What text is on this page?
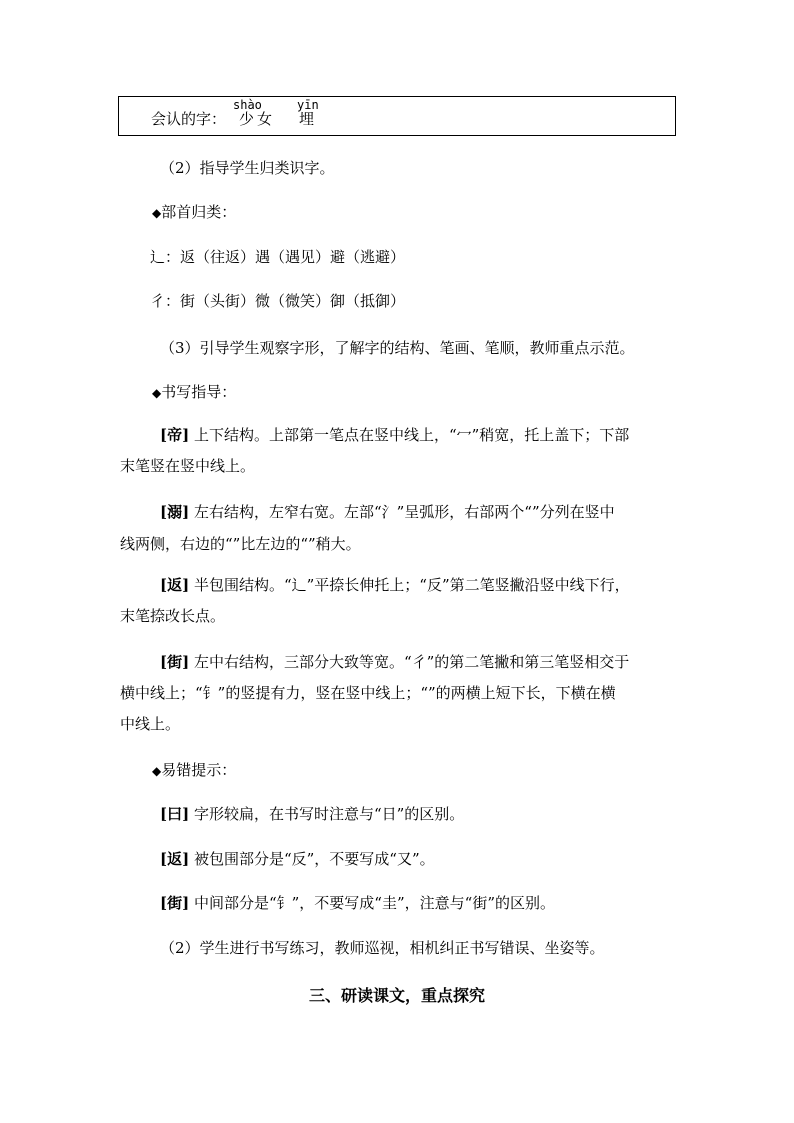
会认的字：
shào
少 女
yīn
埋
（2）指导学生归类识字。
◆部首归类：
辶：返（往返）遇（遇见）避（逃避）
彳：街（头街）微（微笑）御（抵御）
（3）引导学生观察字形，了解字的结构、笔画、笔顺，教师重点示范。
◆书写指导：
[帝] 上下结构。上部第一笔点在竖中线上，“冖”稍宽，托上盖下；下部
末笔竖在竖中线上。
[溺] 左右结构，左窄右宽。左部“氵”呈弧形，右部两个“”分列在竖中
线两侧，右边的“”比左边的“”稍大。
[返] 半包围结构。“辶”平捺长伸托上；“反”第二笔竖撇沿竖中线下行，
末笔捺改长点。
[街] 左中右结构，三部分大致等宽。“彳”的第二笔撇和第三笔竖相交于
横中线上；“钅”的竖提有力，竖在竖中线上；“”的两横上短下长，下横在横
中线上。
◆易错提示：
[曰] 字形较扁，在书写时注意与“日”的区别。
[返] 被包围部分是“反”，不要写成“又”。
[街] 中间部分是“钅”，不要写成“圭”，注意与“街”的区别。
（2）学生进行书写练习，教师巡视，相机纠正书写错误、坐姿等。
三、研读课文，重点探究
